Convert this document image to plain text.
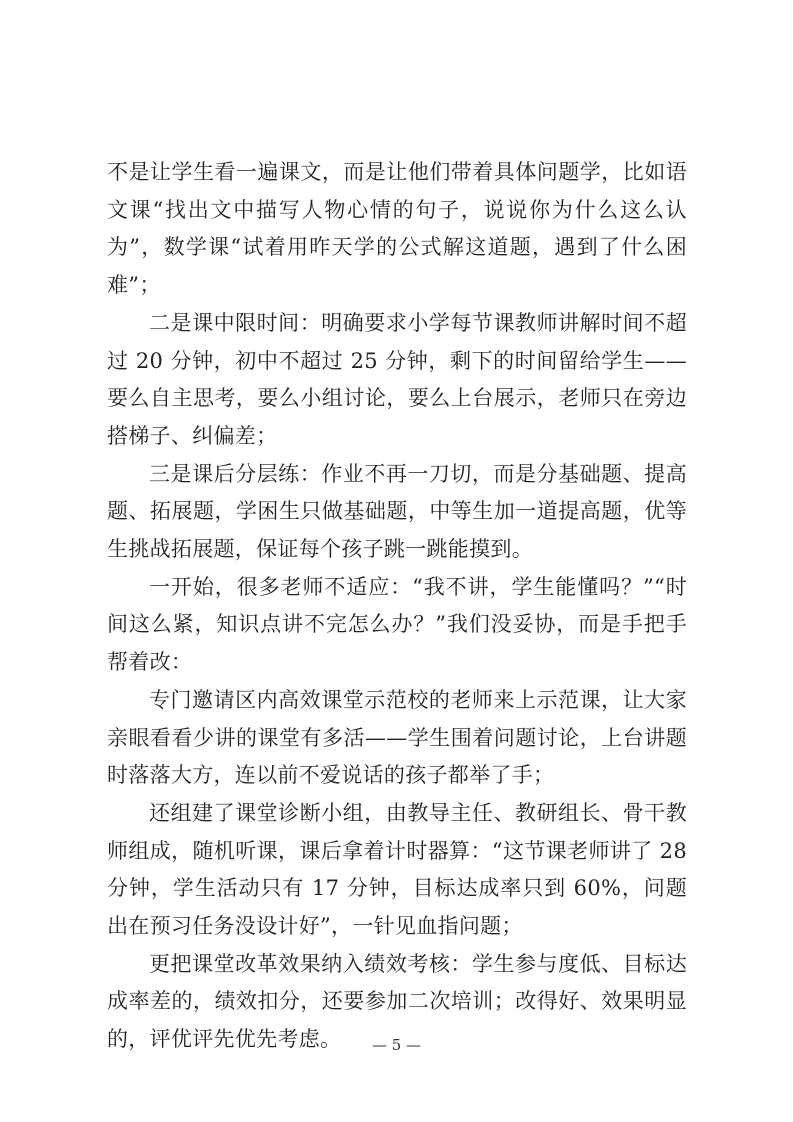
不是让学生看一遍课文，而是让他们带着具体问题学，比如语文课“找出文中描写人物心情的句子，说说你为什么这么认为”，数学课“试着用昨天学的公式解这道题，遇到了什么困难”；

二是课中限时间：明确要求小学每节课教师讲解时间不超过 20 分钟，初中不超过 25 分钟，剩下的时间留给学生——要么自主思考，要么小组讨论，要么上台展示，老师只在旁边搭梯子、纠偏差；

三是课后分层练：作业不再一刀切，而是分基础题、提高题、拓展题，学困生只做基础题，中等生加一道提高题，优等生挑战拓展题，保证每个孩子跳一跳能摸到。

一开始，很多老师不适应：“我不讲，学生能懂吗？”“时间这么紧，知识点讲不完怎么办？”我们没妥协，而是手把手帮着改：

专门邀请区内高效课堂示范校的老师来上示范课，让大家亲眼看看少讲的课堂有多活——学生围着问题讨论，上台讲题时落落大方，连以前不爱说话的孩子都举了手；

还组建了课堂诊断小组，由教导主任、教研组长、骨干教师组成，随机听课，课后拿着计时器算：“这节课老师讲了 28 分钟，学生活动只有 17 分钟，目标达成率只到 60%，问题出在预习任务没设计好”，一针见血指问题；

更把课堂改革效果纳入绩效考核：学生参与度低、目标达成率差的，绩效扣分，还要参加二次培训；改得好、效果明显的，评优评先优先考虑。	— 5 —
